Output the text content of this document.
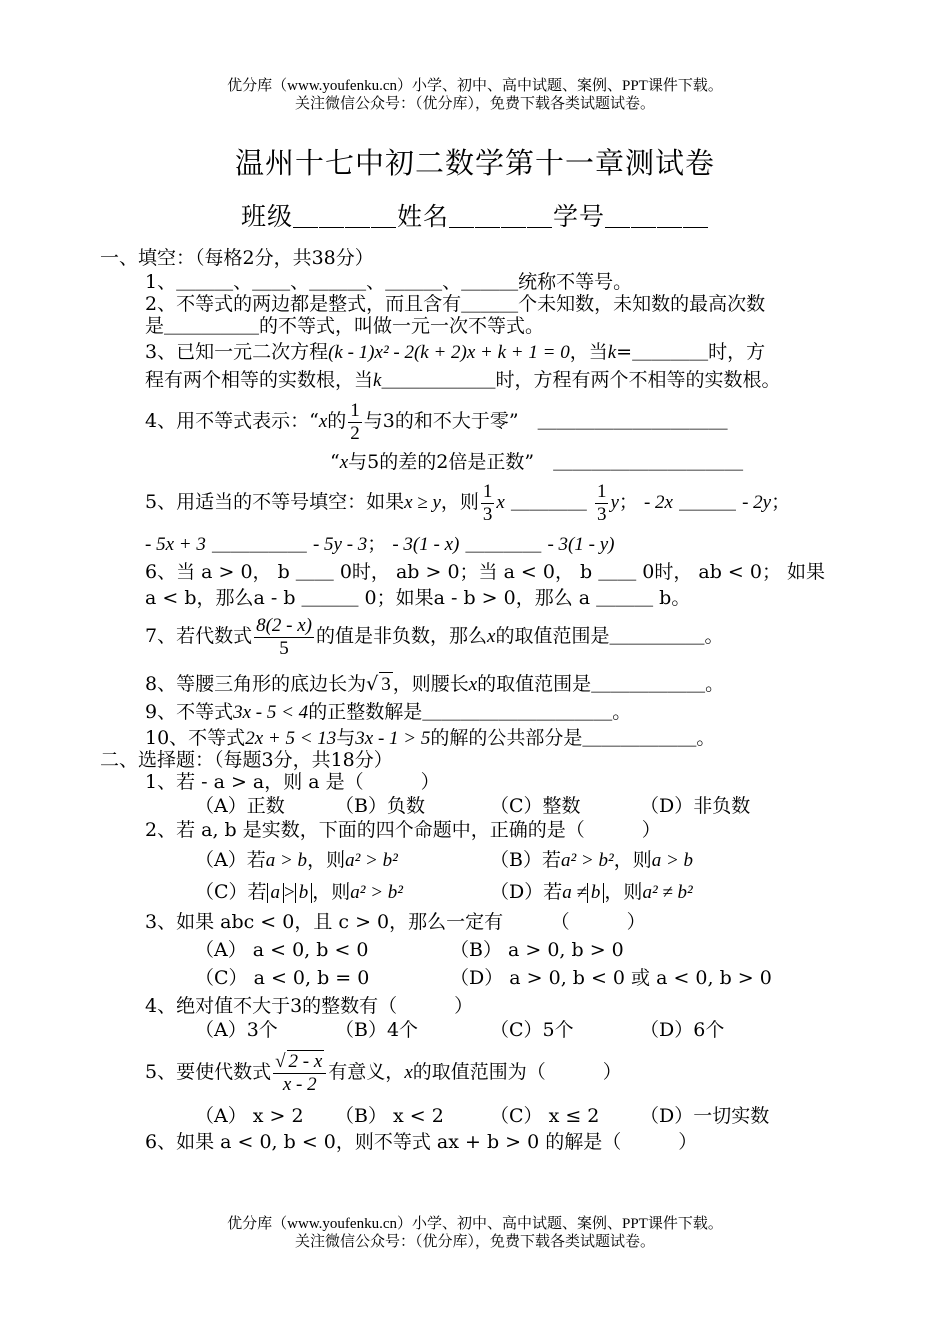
优分库（www.youfenku.cn）小学、初中、高中试题、案例、PPT课件下载。
关注微信公众号：（优分库），免费下载各类试题试卷。
温州十七中初二数学第十一章测试卷
班级＿＿＿＿姓名＿＿＿＿学号＿＿＿＿
一、填空：（每格2分，共38分）
1、＿＿＿、＿＿、＿＿＿、＿＿＿、＿＿＿统称不等号。
2、不等式的两边都是整式，而且含有＿＿＿个未知数，未知数的最高次数
是＿＿＿＿＿的不等式，叫做一元一次不等式。
3、已知一元二次方程(k - 1)x² - 2(k + 2)x + k + 1 = 0，当k=＿＿＿＿时，方
程有两个相等的实数根，当k＿＿＿＿＿＿时，方程有两个不相等的实数根。
4、用不等式表示：“x的 $\frac{1}{2}$ 与3的和不大于零”　 ＿＿＿＿＿＿＿＿＿＿
“x与5的差的2倍是正数”　 ＿＿＿＿＿＿＿＿＿＿
5、用适当的不等号填空：如果x ≥ y，则 $\frac{1}{3}$ x ＿＿＿＿ $\frac{1}{3}$ y； - 2x ＿＿＿ - 2y；
- 5x + 3 ＿＿＿＿＿ - 5y - 3； - 3(1 - x) ＿＿＿＿ - 3(1 - y)
6、当 a > 0， b ＿＿ 0时， ab > 0；当 a < 0， b ＿＿ 0时， ab < 0； 如果
a < b，那么a - b ＿＿＿ 0；如果a - b > 0，那么 a ＿＿＿ b。
7、若代数式 $\frac{8(2 - x)}{5}$ 的值是非负数，那么x的取值范围是＿＿＿＿＿。
8、等腰三角形的底边长为√ 3 ，则腰长x的取值范围是＿＿＿＿＿＿。
9、不等式3x - 5 < 4的正整数解是＿＿＿＿＿＿＿＿＿＿。
10、不等式2x + 5 < 13与3x - 1 > 5的解的公共部分是＿＿＿＿＿＿。
二、选择题：（每题3分，共18分）
1、若 - a > a，则 a 是（　　　）
（A）正数	（B）负数	（C）整数	（D）非负数
2、若 a, b 是实数，下面的四个命题中，正确的是（　　　）
（A）若a > b，则a² > b²	（B）若a² > b²，则a > b
（C）若 a > b ，则a² > b²	（D）若a ≠ b ，则a² ≠ b²
3、如果 abc < 0，且 c > 0，那么一定有　　　（　　　）
（A） a < 0, b < 0	（B） a > 0, b > 0
（C） a < 0, b = 0	（D） a > 0, b < 0 或 a < 0, b > 0
4、绝对值不大于3的整数有（　　　）
（A）3个	（B）4个	（C）5个	（D）6个
5、要使代数式 $\frac{√ 2 - x}{x - 2}$ 有意义，x的取值范围为（　　　）
（A） x > 2 （B） x < 2 （C） x ≤ 2 （D）一切实数
6、如果 a < 0, b < 0，则不等式 ax + b > 0 的解是（　　　）
优分库（www.youfenku.cn）小学、初中、高中试题、案例、PPT课件下载。
关注微信公众号：（优分库），免费下载各类试题试卷。
